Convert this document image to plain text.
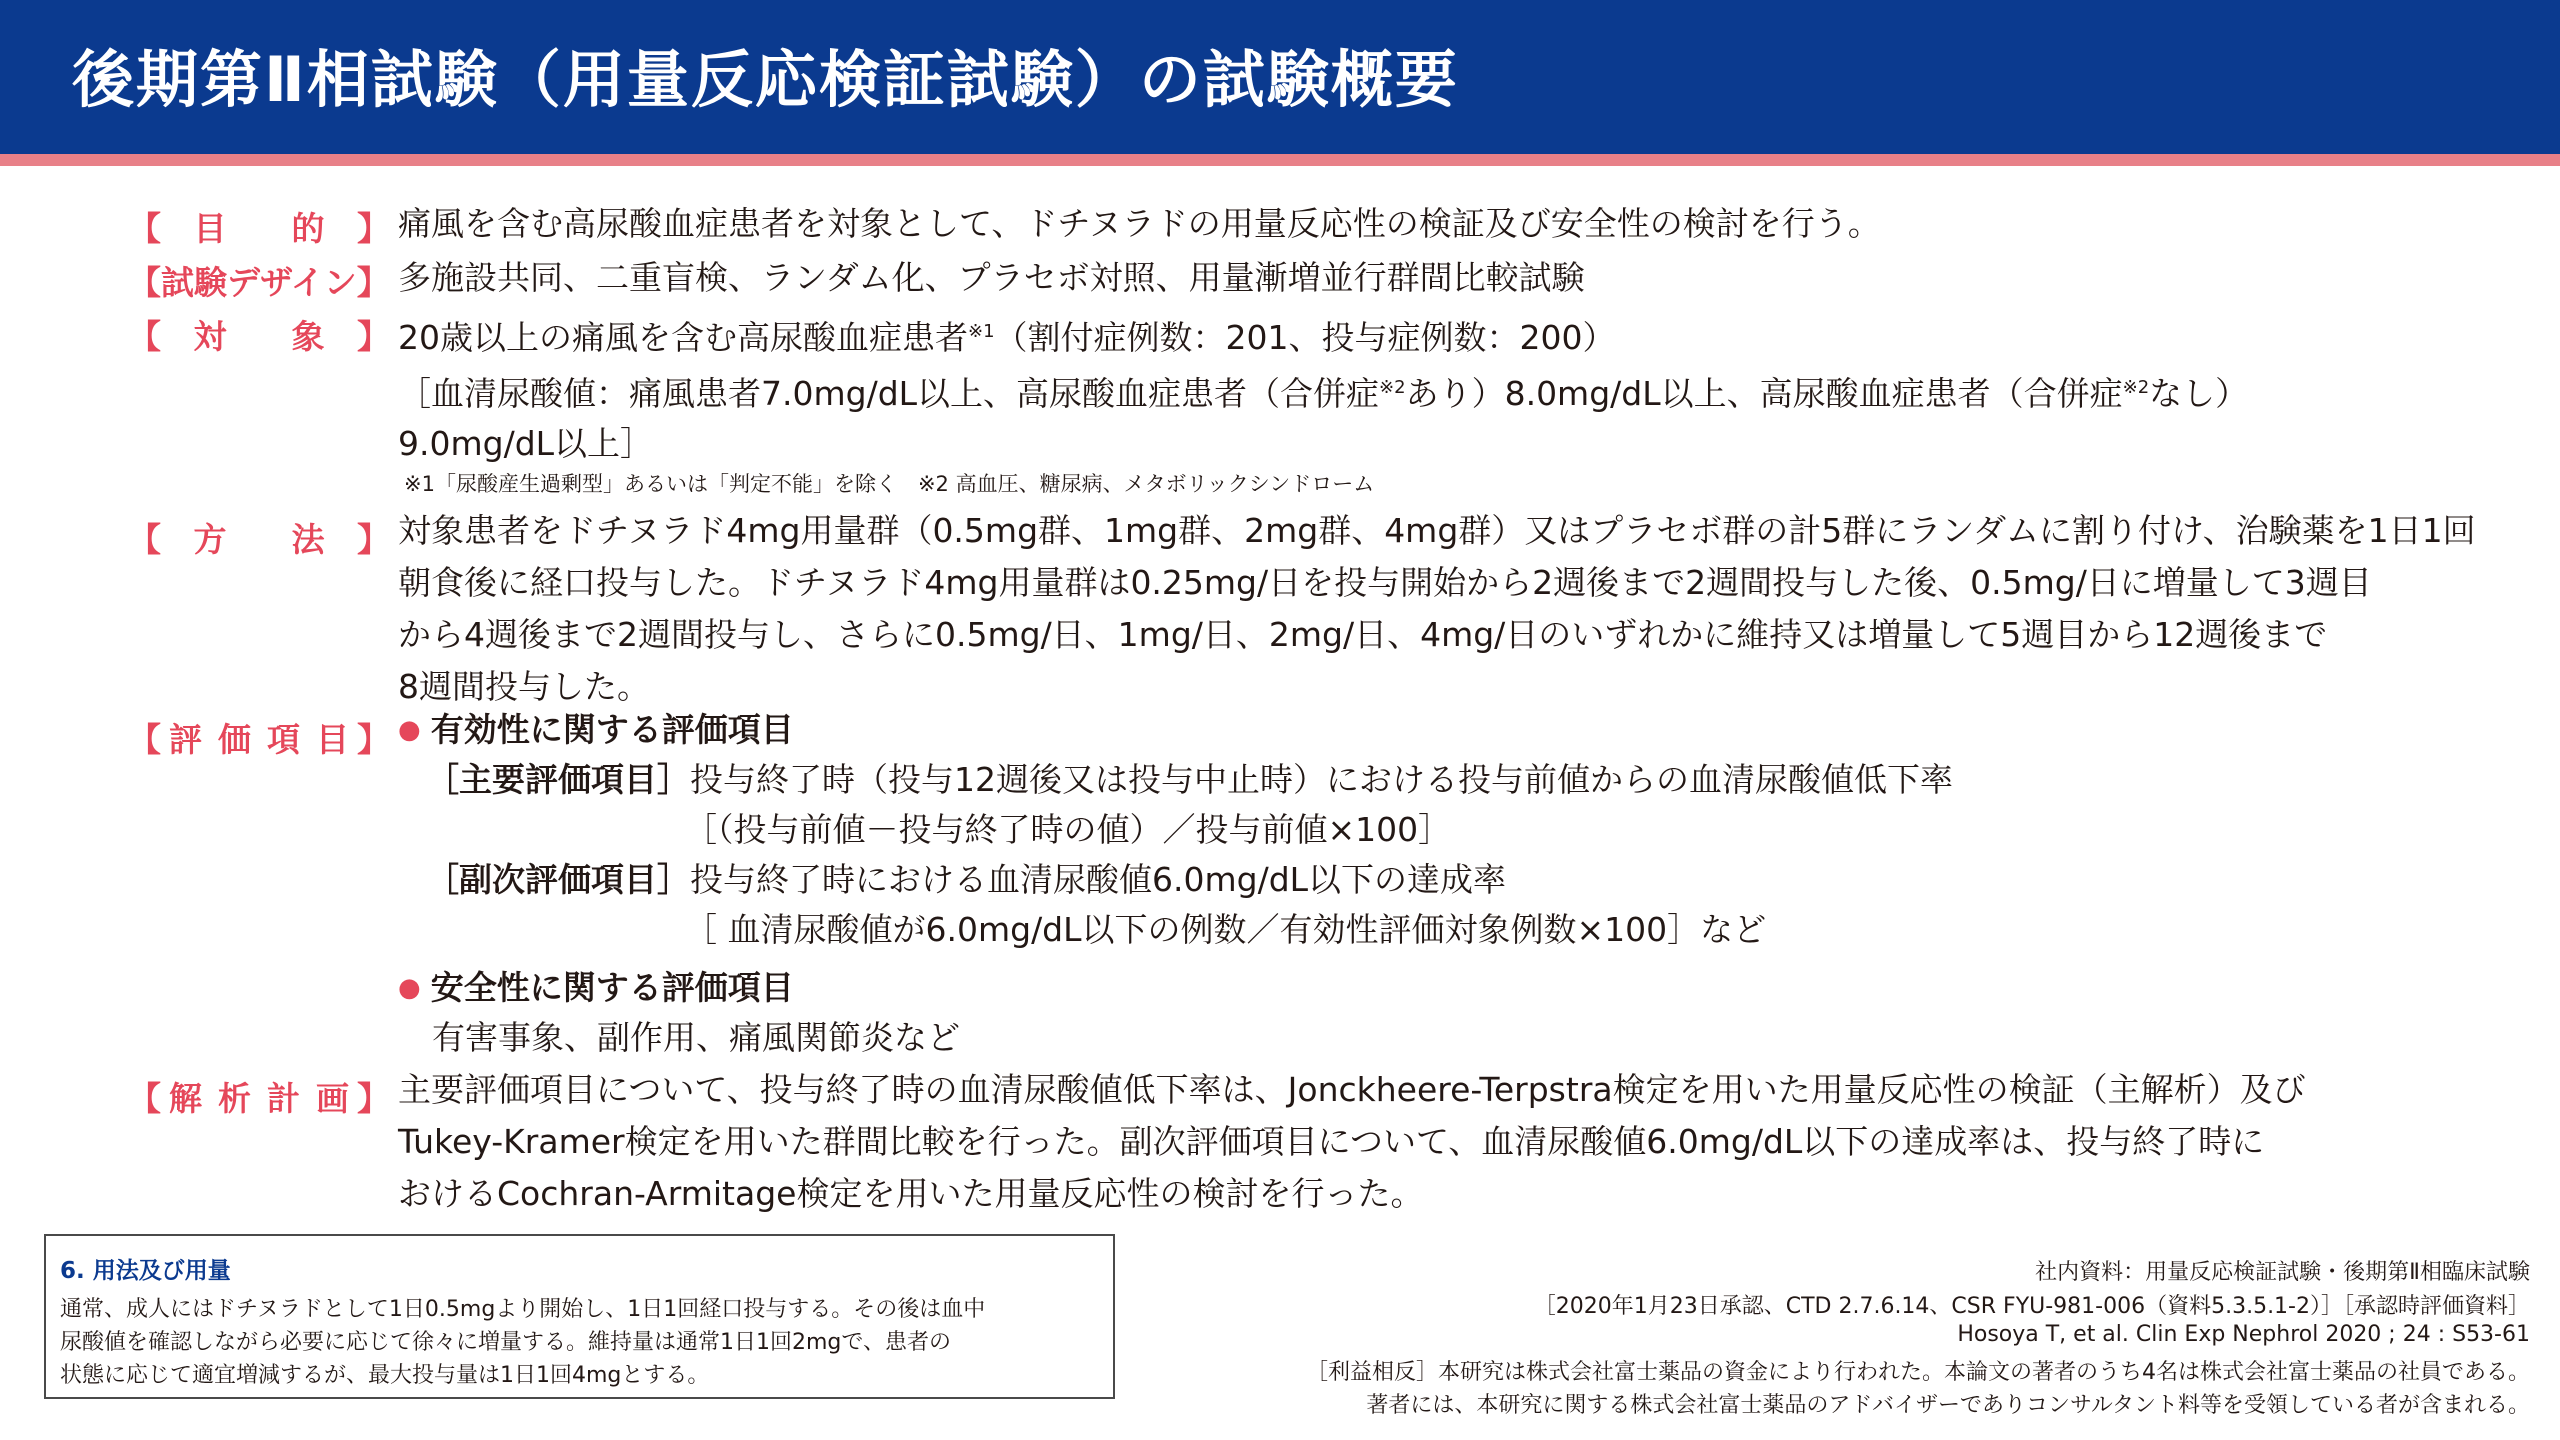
後期第Ⅱ相試験（用量反応検証試験）の試験概要
【 目 的 】 痛風を含む高尿酸血症患者を対象として、ドチヌラドの用量反応性の検証及び安全性の検討を行う。
【試験デザイン】 多施設共同、二重盲検、ランダム化、プラセボ対照、用量漸増並行群間比較試験
【 対 象 】 20歳以上の痛風を含む高尿酸血症患者$^{※1}$（割付症例数：201、投与症例数：200）
［血清尿酸値：痛風患者7.0mg/dL以上、高尿酸血症患者（合併症$^{※2}$あり）8.0mg/dL以上、高尿酸血症患者（合併症$^{※2}$なし）
9.0mg/dL以上］
※1「尿酸産生過剰型」あるいは「判定不能」を除く　※2 高血圧、糖尿病、メタボリックシンドローム
【 方 法 】 対象患者をドチヌラド4mg用量群（0.5mg群、1mg群、2mg群、4mg群）又はプラセボ群の計5群にランダムに割り付け、治験薬を1日1回
朝食後に経口投与した。ドチヌラド4mg用量群は0.25mg/日を投与開始から2週後まで2週間投与した後、0.5mg/日に増量して3週目
から4週後まで2週間投与し、さらに0.5mg/日、1mg/日、2mg/日、4mg/日のいずれかに維持又は増量して5週目から12週後まで
8週間投与した。
【 評 価 項 目 】 ● 有効性に関する評価項目
［主要評価項目］投与終了時（投与12週後又は投与中止時）における投与前値からの血清尿酸値低下率
［（投与前値－投与終了時の値）／投与前値×100］
［副次評価項目］投与終了時における血清尿酸値6.0mg/dL以下の達成率
［ 血清尿酸値が6.0mg/dL以下の例数／有効性評価対象例数×100］など
● 安全性に関する評価項目
有害事象、副作用、痛風関節炎など
【 解 析 計 画 】 主要評価項目について、投与終了時の血清尿酸値低下率は、Jonckheere-Terpstra検定を用いた用量反応性の検証（主解析）及び
Tukey-Kramer検定を用いた群間比較を行った。副次評価項目について、血清尿酸値6.0mg/dL以下の達成率は、投与終了時に
おけるCochran-Armitage検定を用いた用量反応性の検討を行った。
6. 用法及び用量
通常、成人にはドチヌラドとして1日0.5mgより開始し、1日1回経口投与する。その後は血中
尿酸値を確認しながら必要に応じて徐々に増量する。維持量は通常1日1回2mgで、患者の
状態に応じて適宜増減するが、最大投与量は1日1回4mgとする。
社内資料：用量反応検証試験・後期第Ⅱ相臨床試験
［2020年1月23日承認、CTD 2.7.6.14、CSR FYU-981-006（資料5.3.5.1-2）］［承認時評価資料］
Hosoya T, et al. Clin Exp Nephrol 2020 ; 24 : S53-61
［利益相反］本研究は株式会社富士薬品の資金により行われた。本論文の著者のうち4名は株式会社富士薬品の社員である。
著者には、本研究に関する株式会社富士薬品のアドバイザーでありコンサルタント料等を受領している者が含まれる。
